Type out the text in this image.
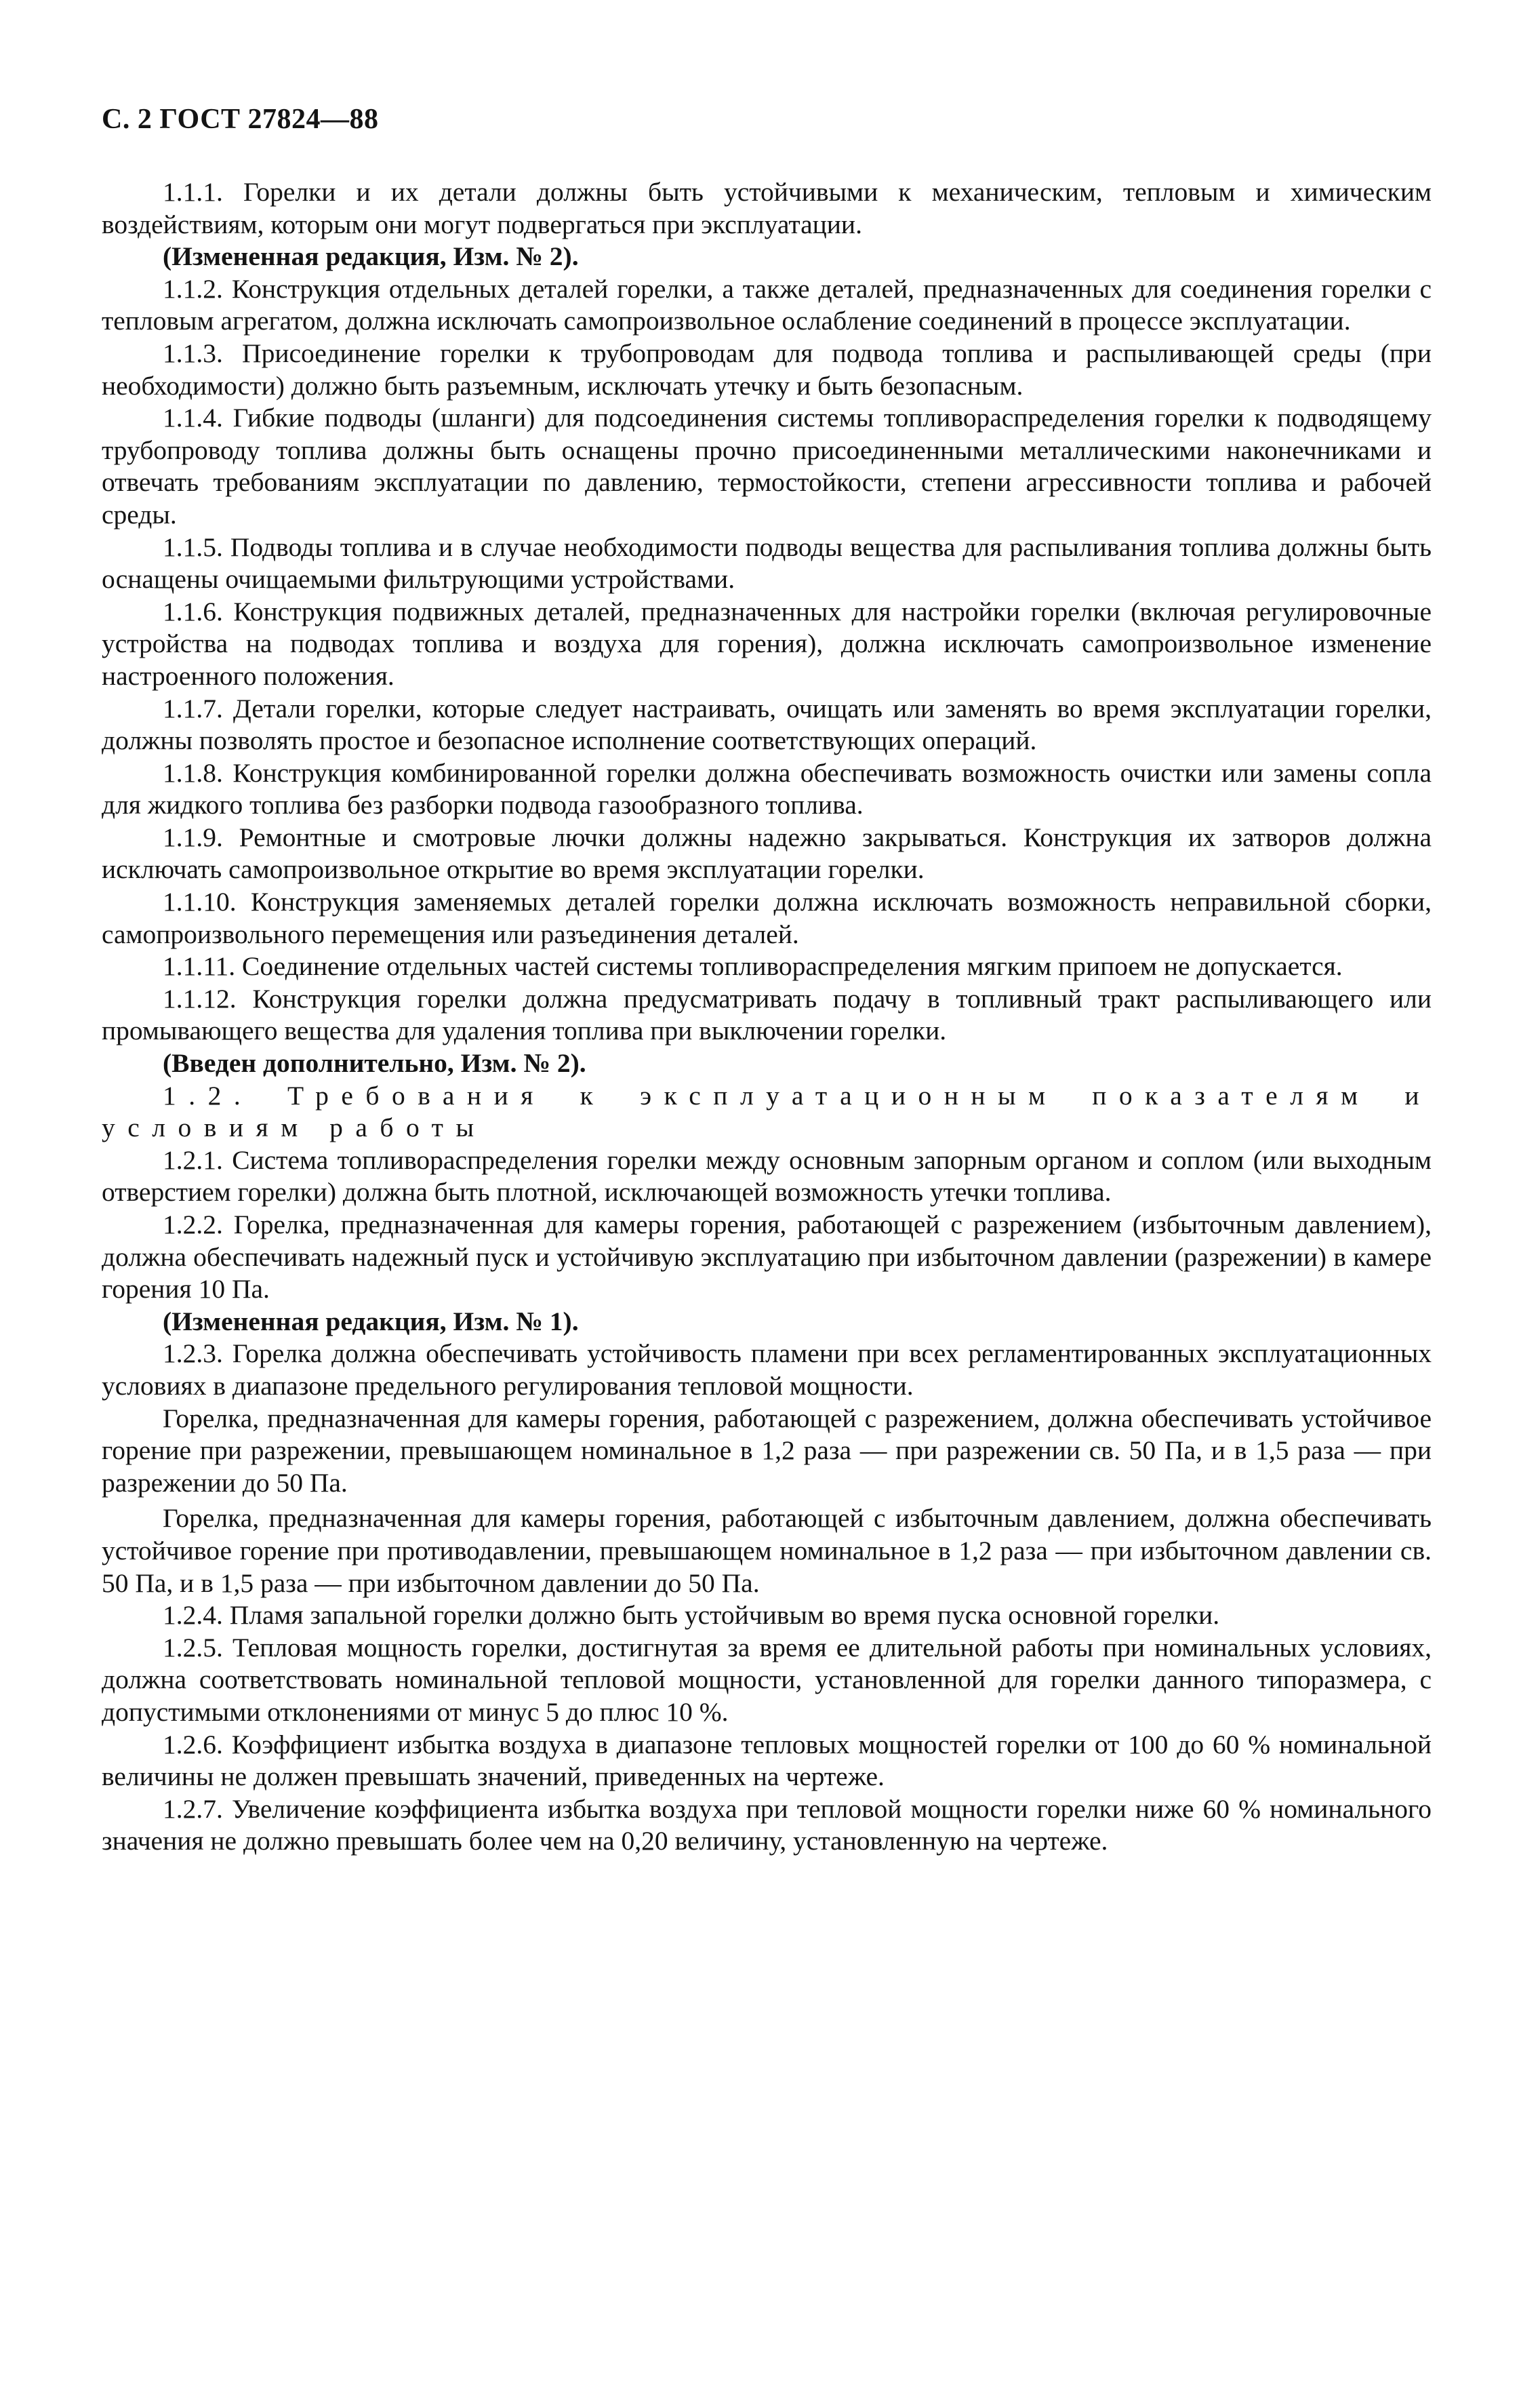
С. 2 ГОСТ 27824—88

1.1.1. Горелки и их детали должны быть устойчивыми к механическим, тепловым и химическим воздействиям, которым они могут подвергаться при эксплуатации.

(Измененная редакция, Изм. № 2).

1.1.2. Конструкция отдельных деталей горелки, а также деталей, предназначенных для соединения горелки с тепловым агрегатом, должна исключать самопроизвольное ослабление соединений в процессе эксплуатации.

1.1.3. Присоединение горелки к трубопроводам для подвода топлива и распыливающей среды (при необходимости) должно быть разъемным, исключать утечку и быть безопасным.

1.1.4. Гибкие подводы (шланги) для подсоединения системы топливораспределения горелки к подводящему трубопроводу топлива должны быть оснащены прочно присоединенными металлическими наконечниками и отвечать требованиям эксплуатации по давлению, термостойкости, степени агрессивности топлива и рабочей среды.

1.1.5. Подводы топлива и в случае необходимости подводы вещества для распыливания топлива должны быть оснащены очищаемыми фильтрующими устройствами.

1.1.6. Конструкция подвижных деталей, предназначенных для настройки горелки (включая регулировочные устройства на подводах топлива и воздуха для горения), должна исключать самопроизвольное изменение настроенного положения.

1.1.7. Детали горелки, которые следует настраивать, очищать или заменять во время эксплуатации горелки, должны позволять простое и безопасное исполнение соответствующих операций.

1.1.8. Конструкция комбинированной горелки должна обеспечивать возможность очистки или замены сопла для жидкого топлива без разборки подвода газообразного топлива.

1.1.9. Ремонтные и смотровые лючки должны надежно закрываться. Конструкция их затворов должна исключать самопроизвольное открытие во время эксплуатации горелки.

1.1.10. Конструкция заменяемых деталей горелки должна исключать возможность неправильной сборки, самопроизвольного перемещения или разъединения деталей.

1.1.11. Соединение отдельных частей системы топливораспределения мягким припоем не допускается.

1.1.12. Конструкция горелки должна предусматривать подачу в топливный тракт распыливающего или промывающего вещества для удаления топлива при выключении горелки.

(Введен дополнительно, Изм. № 2).

1.2. Требования к эксплуатационным показателям и условиям работы

1.2.1. Система топливораспределения горелки между основным запорным органом и соплом (или выходным отверстием горелки) должна быть плотной, исключающей возможность утечки топлива.

1.2.2. Горелка, предназначенная для камеры горения, работающей с разрежением (избыточным давлением), должна обеспечивать надежный пуск и устойчивую эксплуатацию при избыточном давлении (разрежении) в камере горения 10 Па.

(Измененная редакция, Изм. № 1).

1.2.3. Горелка должна обеспечивать устойчивость пламени при всех регламентированных эксплуатационных условиях в диапазоне предельного регулирования тепловой мощности.

Горелка, предназначенная для камеры горения, работающей с разрежением, должна обеспечивать устойчивое горение при разрежении, превышающем номинальное в 1,2 раза — при разрежении св. 50 Па, и в 1,5 раза — при разрежении до 50 Па.

Горелка, предназначенная для камеры горения, работающей с избыточным давлением, должна обеспечивать устойчивое горение при противодавлении, превышающем номинальное в 1,2 раза — при избыточном давлении св. 50 Па, и в 1,5 раза — при избыточном давлении до 50 Па.

1.2.4. Пламя запальной горелки должно быть устойчивым во время пуска основной горелки.

1.2.5. Тепловая мощность горелки, достигнутая за время ее длительной работы при номинальных условиях, должна соответствовать номинальной тепловой мощности, установленной для горелки данного типоразмера, с допустимыми отклонениями от минус 5 до плюс 10 %.

1.2.6. Коэффициент избытка воздуха в диапазоне тепловых мощностей горелки от 100 до 60 % номинальной величины не должен превышать значений, приведенных на чертеже.

1.2.7. Увеличение коэффициента избытка воздуха при тепловой мощности горелки ниже 60 % номинального значения не должно превышать более чем на 0,20 величину, установленную на чертеже.
